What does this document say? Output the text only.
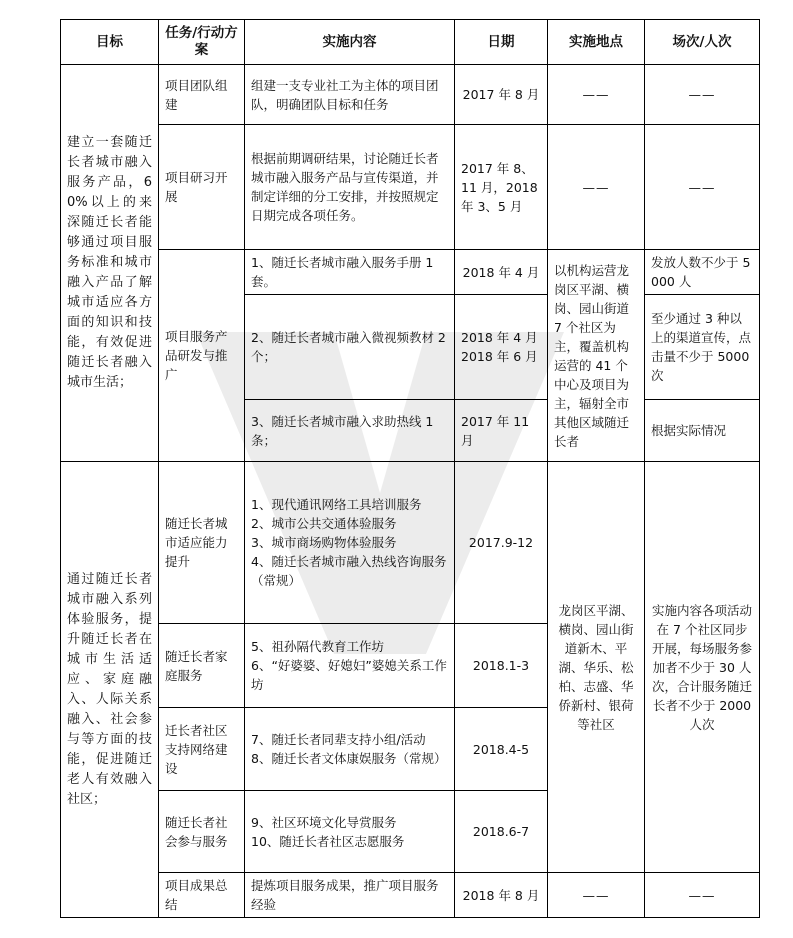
目标	任务/行动方案	实施内容	日期	实施地点	场次/人次
建立一套随迁长者城市融入服务产品，60%以上的来深随迁长者能够通过项目服务标准和城市融入产品了解城市适应各方面的知识和技能，有效促进随迁长者融入城市生活；	项目团队组建	组建一支专业社工为主体的项目团队，明确团队目标和任务	2017 年 8 月	——	——
	项目研习开展	根据前期调研结果，讨论随迁长者城市融入服务产品与宣传渠道，并制定详细的分工安排，并按照规定日期完成各项任务。	2017 年 8、11 月，2018 年 3、5 月	——	——
	项目服务产品研发与推广	1、随迁长者城市融入服务手册 1 套。	2018 年 4 月	以机构运营龙岗区平湖、横岗、园山街道 7 个社区为主，覆盖机构运营的 41 个中心及项目为主，辐射全市其他区域随迁长者	发放人数不少于 5000 人

		2、随迁长者城市融入微视频教材 2 个；	2018 年 4 月 2018 年 6 月		至少通过 3 种以上的渠道宣传，点击量不少于 5000 次

		3、随迁长者城市融入求助热线 1 条；	2017 年 11 月		根据实际情况
通过随迁长者城市融入系列体验服务，提升随迁长者在城市生活适应、家庭融入、人际关系融入、社会参与等方面的技能，促进随迁老人有效融入社区；	随迁长者城市适应能力提升	1、现代通讯网络工具培训服务
2、城市公共交通体验服务
3、城市商场购物体验服务
4、随迁长者城市融入热线咨询服务（常规）	2017.9-12	龙岗区平湖、横岗、园山街道新木、平湖、华乐、松柏、志盛、华侨新村、银荷等社区	实施内容各项活动在 7 个社区同步开展，每场服务参加者不少于 30 人次，合计服务随迁长者不少于 2000 人次
	随迁长者家庭服务	5、祖孙隔代教育工作坊
6、“好婆婆、好媳妇”婆媳关系工作坊	2018.1-3		
	迁长者社区支持网络建设	7、随迁长者同辈支持小组/活动
8、随迁长者文体康娱服务（常规）	2018.4-5		
	随迁长者社会参与服务	9、社区环境文化导赏服务
10、随迁长者社区志愿服务	2018.6-7		
	项目成果总结	提炼项目服务成果，推广项目服务经验	2018 年 8 月	——	——
